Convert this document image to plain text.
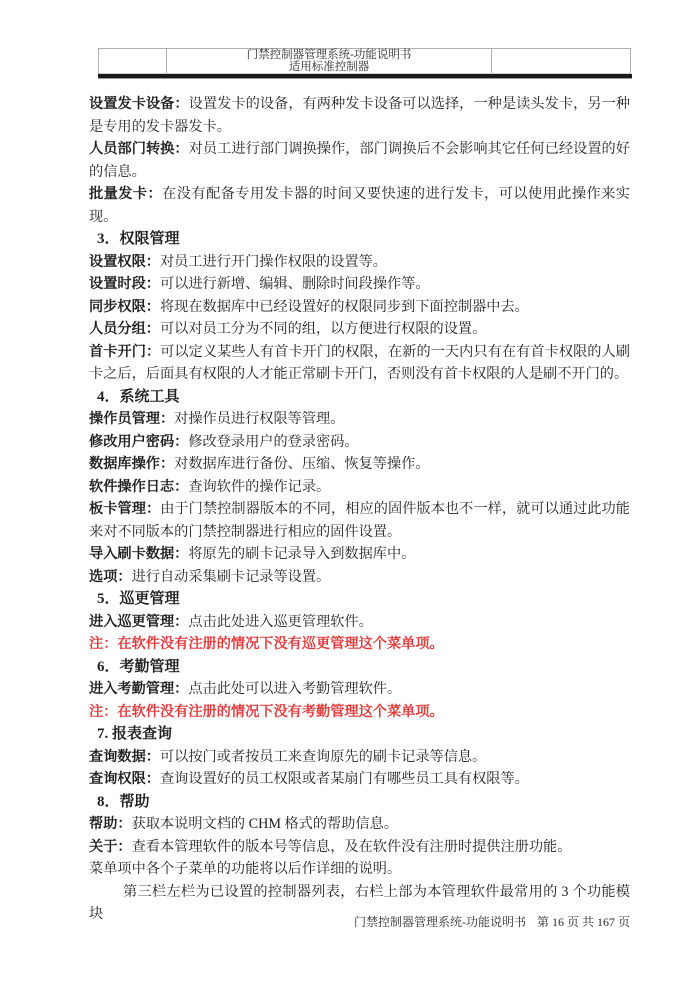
门禁控制器管理系统-功能说明书
适用标准控制器

设置发卡设备：设置发卡的设备，有两种发卡设备可以选择，一种是读头发卡，另一种是专用的发卡器发卡。

人员部门转换：对员工进行部门调换操作，部门调换后不会影响其它任何已经设置的好的信息。

批量发卡：在没有配备专用发卡器的时间又要快速的进行发卡，可以使用此操作来实现。

3．权限管理

设置权限：对员工进行开门操作权限的设置等。

设置时段：可以进行新增、编辑、删除时间段操作等。

同步权限：将现在数据库中已经设置好的权限同步到下面控制器中去。

人员分组：可以对员工分为不同的组，以方便进行权限的设置。

首卡开门：可以定义某些人有首卡开门的权限，在新的一天内只有在有首卡权限的人刷卡之后，后面具有权限的人才能正常刷卡开门，否则没有首卡权限的人是刷不开门的。

4．系统工具

操作员管理：对操作员进行权限等管理。

修改用户密码：修改登录用户的登录密码。

数据库操作：对数据库进行备份、压缩、恢复等操作。

软件操作日志：查询软件的操作记录。

板卡管理：由于门禁控制器版本的不同，相应的固件版本也不一样，就可以通过此功能来对不同版本的门禁控制器进行相应的固件设置。

导入刷卡数据：将原先的刷卡记录导入到数据库中。

选项：进行自动采集刷卡记录等设置。

5．巡更管理

进入巡更管理：点击此处进入巡更管理软件。

注：在软件没有注册的情况下没有巡更管理这个菜单项。

6．考勤管理

进入考勤管理：点击此处可以进入考勤管理软件。

注：在软件没有注册的情况下没有考勤管理这个菜单项。

7. 报表查询

查询数据：可以按门或者按员工来查询原先的刷卡记录等信息。

查询权限：查询设置好的员工权限或者某扇门有哪些员工具有权限等。

8．帮助

帮助：获取本说明文档的 CHM 格式的帮助信息。

关于：查看本管理软件的版本号等信息，及在软件没有注册时提供注册功能。

菜单项中各个子菜单的功能将以后作详细的说明。

第三栏左栏为已设置的控制器列表，右栏上部为本管理软件最常用的 3 个功能模块	门禁控制器管理系统-功能说明书 第 16 页 共 167 页
